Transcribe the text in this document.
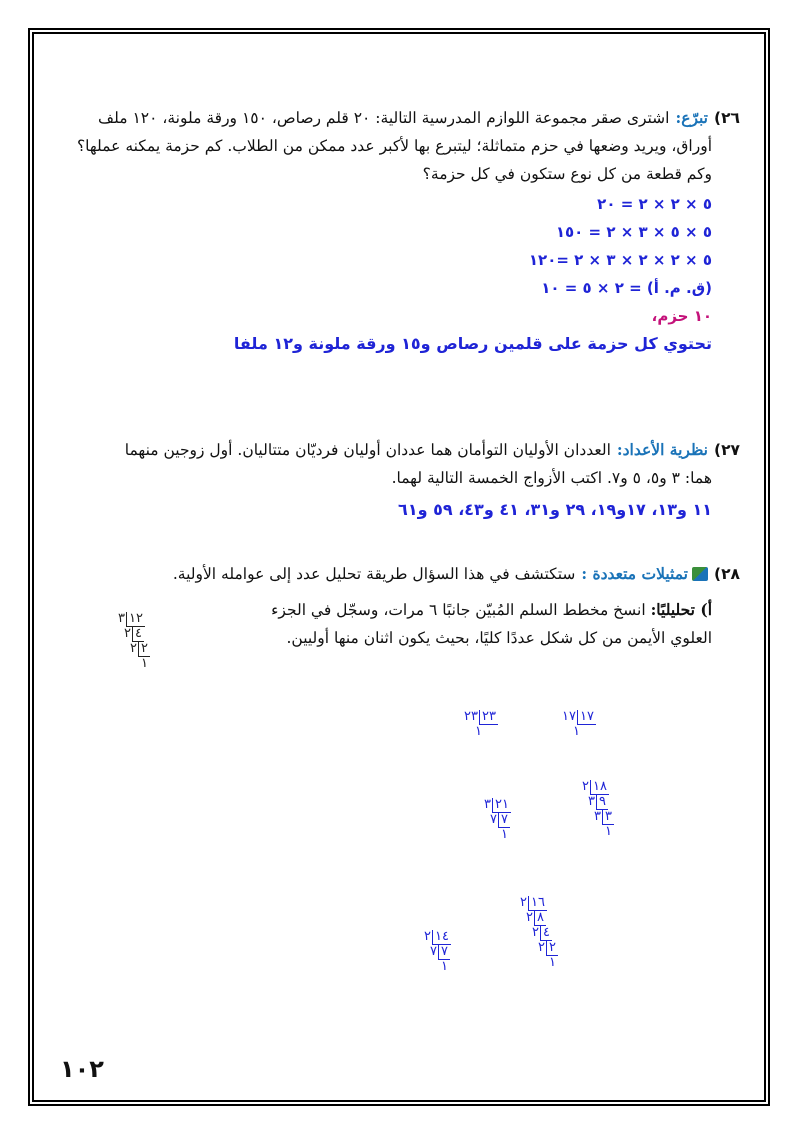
٢٦)تبرّع:اشترى صقر مجموعة اللوازم المدرسية التالية: ٢٠ قلم رصاص، ١٥٠ ورقة ملونة، ١٢٠ ملف
أوراق، ويريد وضعها في حزم متماثلة؛ ليتبرع بها لأكبر عدد ممكن من الطلاب. كم حزمة يمكنه عملها؟
وكم قطعة من كل نوع ستكون في كل حزمة؟
٥ × ٢ × ٢ = ٢٠
٥ × ٥ × ٣ × ٢ = ١٥٠
٥ × ٢ × ٢ × ٣ × ٢ =١٢٠
(ق. م. أ) = ٢ × ٥ = ١٠
١٠ حزم،
تحتوي كل حزمة على قلمين رصاص و١٥ ورقة ملونة و١٢ ملفا
٢٧)نظرية الأعداد:العددان الأوليان التوأمان هما عددان أوليان فرديّان متتاليان. أول زوجين منهما
هما: ٣ و٥، ٥ و٧. اكتب الأزواج الخمسة التالية لهما.
١١ و١٣، ١٧و١٩، ٢٩ و٣١، ٤١ و٤٣، ٥٩ و٦١
٢٨)تمثيلات متعددة :ستكتشف في هذا السؤال طريقة تحليل عدد إلى عوامله الأولية.
أ) تحليليًا: انسخ مخطط السلم المُبيّن جانبًا ٦ مرات، وسجّل في الجزء
العلوي الأيمن من كل شكل عددًا كليًا، بحيث يكون اثنان منها أوليين.
٣ ١٢
٢ ٤
٢ ٢
١
١٧ ١٧
١
٢٣ ٢٣
١
٢ ١٨
٣ ٩
٣ ٣
١
٣ ٢١
٧ ٧
١
٢ ١٦
٢ ٨
٢ ٤
٢ ٢
١
٢ ١٤
٧ ٧
١
١٠٢
